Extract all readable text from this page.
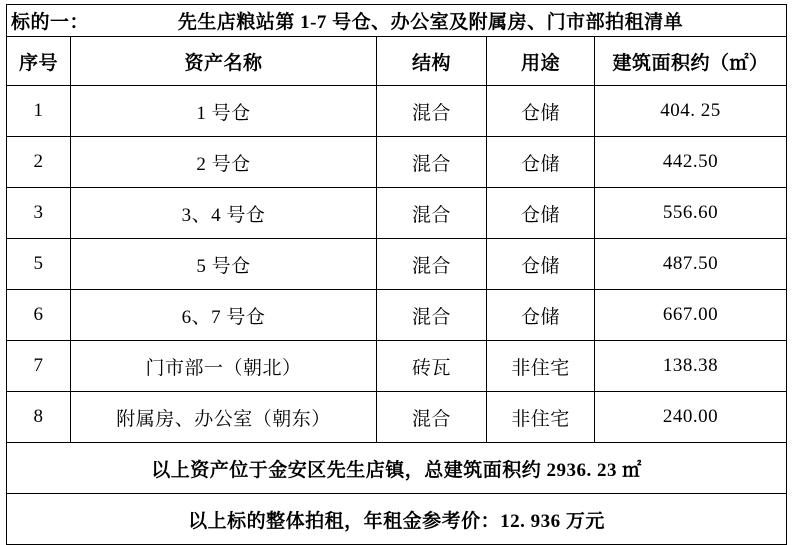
标的一： 先生店粮站第 1-7 号仓、办公室及附属房、门市部拍租清单				

序号	资产名称	结构	用途	建筑面积约（㎡）
1	1 号仓	混合	仓储	404. 25
2	2 号仓	混合	仓储	442.50
3	3、4 号仓	混合	仓储	556.60
5	5 号仓	混合	仓储	487.50
6	6、7 号仓	混合	仓储	667.00
7	门市部一（朝北）	砖瓦	非住宅	138.38
8	附属房、办公室（朝东）	混合	非住宅	240.00
以上资产位于金安区先生店镇，总建筑面积约 2936. 23 ㎡				
以上标的整体拍租，年租金参考价：12. 936 万元				
